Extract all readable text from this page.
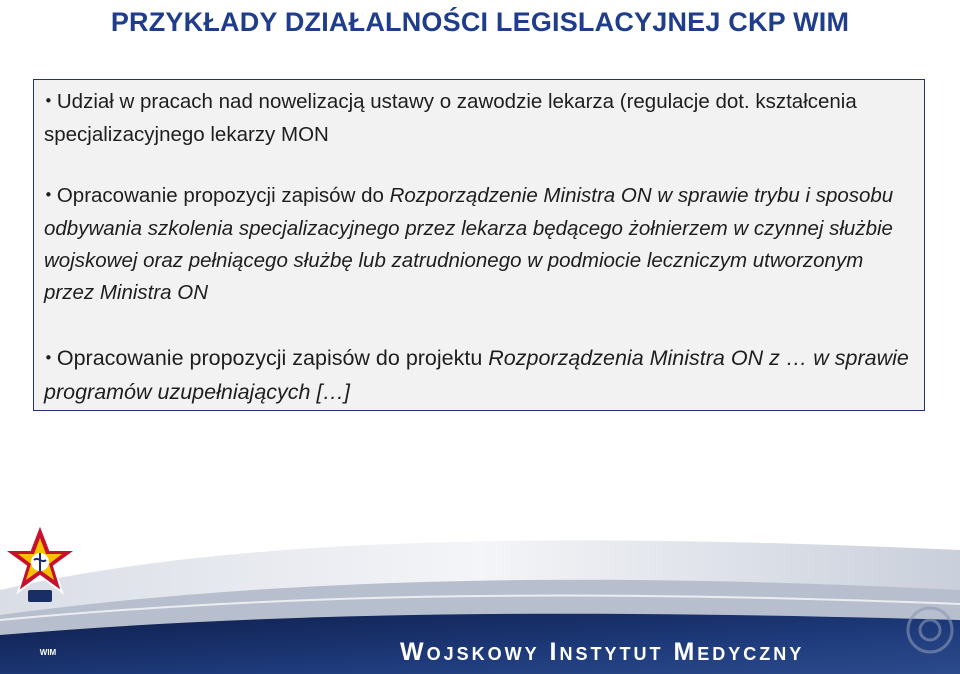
PRZYKŁADY DZIAŁALNOŚCI LEGISLACYJNEJ CKP WIM
• Udział w pracach nad nowelizacją ustawy o zawodzie lekarza (regulacje dot. kształcenia specjalizacyjnego lekarzy MON
• Opracowanie propozycji zapisów do Rozporządzenie Ministra ON w sprawie trybu i sposobu odbywania szkolenia specjalizacyjnego przez lekarza będącego żołnierzem w czynnej służbie wojskowej oraz pełniącego służbę lub zatrudnionego w podmiocie leczniczym utworzonym przez Ministra ON
• Opracowanie propozycji zapisów do projektu Rozporządzenia Ministra ON z … w sprawie programów uzupełniających […]
WIM	Wojskowy Instytut Medyczny
